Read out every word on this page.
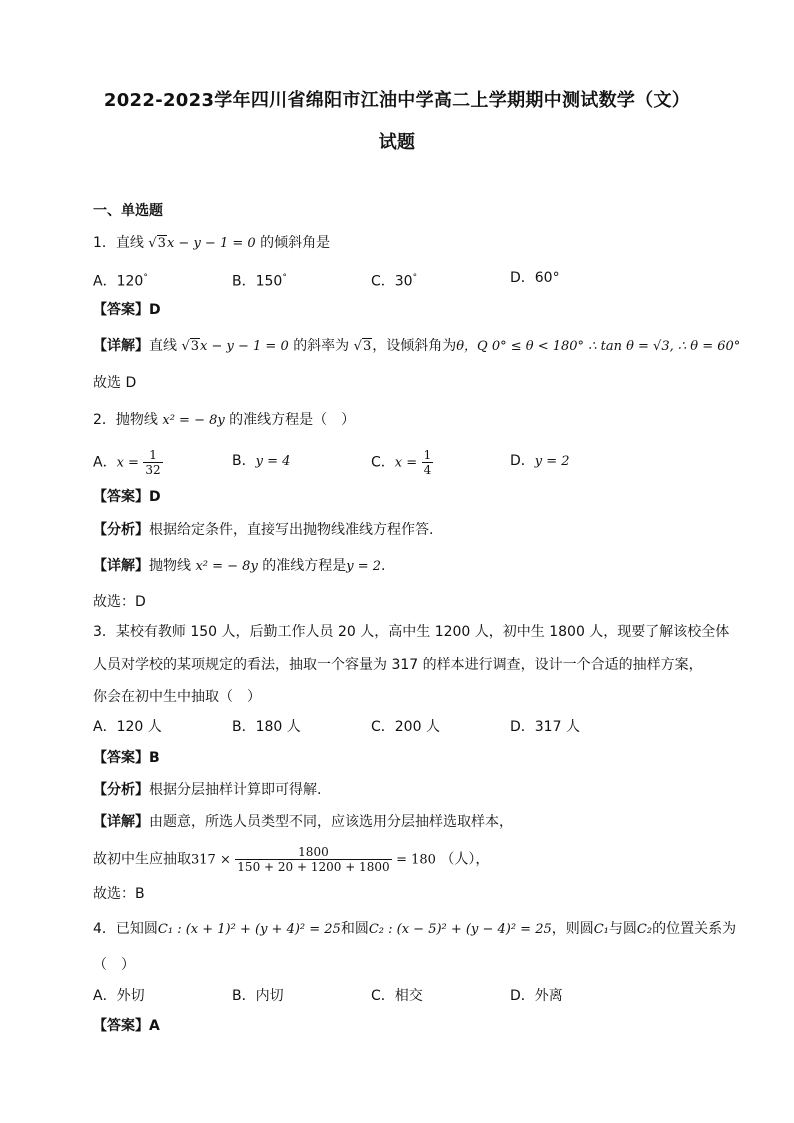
2022-2023学年四川省绵阳市江油中学高二上学期期中测试数学（文）
试题
一、单选题
1．直线 √3x − y − 1 = 0 的倾斜角是
A．120°	B．150°	C．30°	D．60°
【答案】D
【详解】直线 √3x − y − 1 = 0 的斜率为 √3，设倾斜角为θ，Q 0° ≤ θ < 180° ∴ tan θ = √3, ∴ θ = 60°
故选 D
2．抛物线 x² = − 8y 的准线方程是（　）
A．$x = \frac{1}{32}$	B．y = 4	C．$x = \frac{1}{4}$	D．y = 2
【答案】D
【分析】根据给定条件，直接写出抛物线准线方程作答.
【详解】抛物线 x² = − 8y 的准线方程是y = 2.
故选：D
3．某校有教师 150 人，后勤工作人员 20 人，高中生 1200 人，初中生 1800 人，现要了解该校全体
人员对学校的某项规定的看法，抽取一个容量为 317 的样本进行调查，设计一个合适的抽样方案，
你会在初中生中抽取（　）
A．120 人	B．180 人	C．200 人	D．317 人
【答案】B
【分析】根据分层抽样计算即可得解.
【详解】由题意，所选人员类型不同，应该选用分层抽样选取样本，
故初中生应抽取$317 \times \frac{1800}{150 + 20 + 1200 + 1800} = 180$ （人），
故选：B
4．已知圆C₁ : (x + 1)² + (y + 4)² = 25和圆C₂ : (x − 5)² + (y − 4)² = 25，则圆C₁与圆C₂的位置关系为
（　）
A．外切	B．内切	C．相交	D．外离
【答案】A
